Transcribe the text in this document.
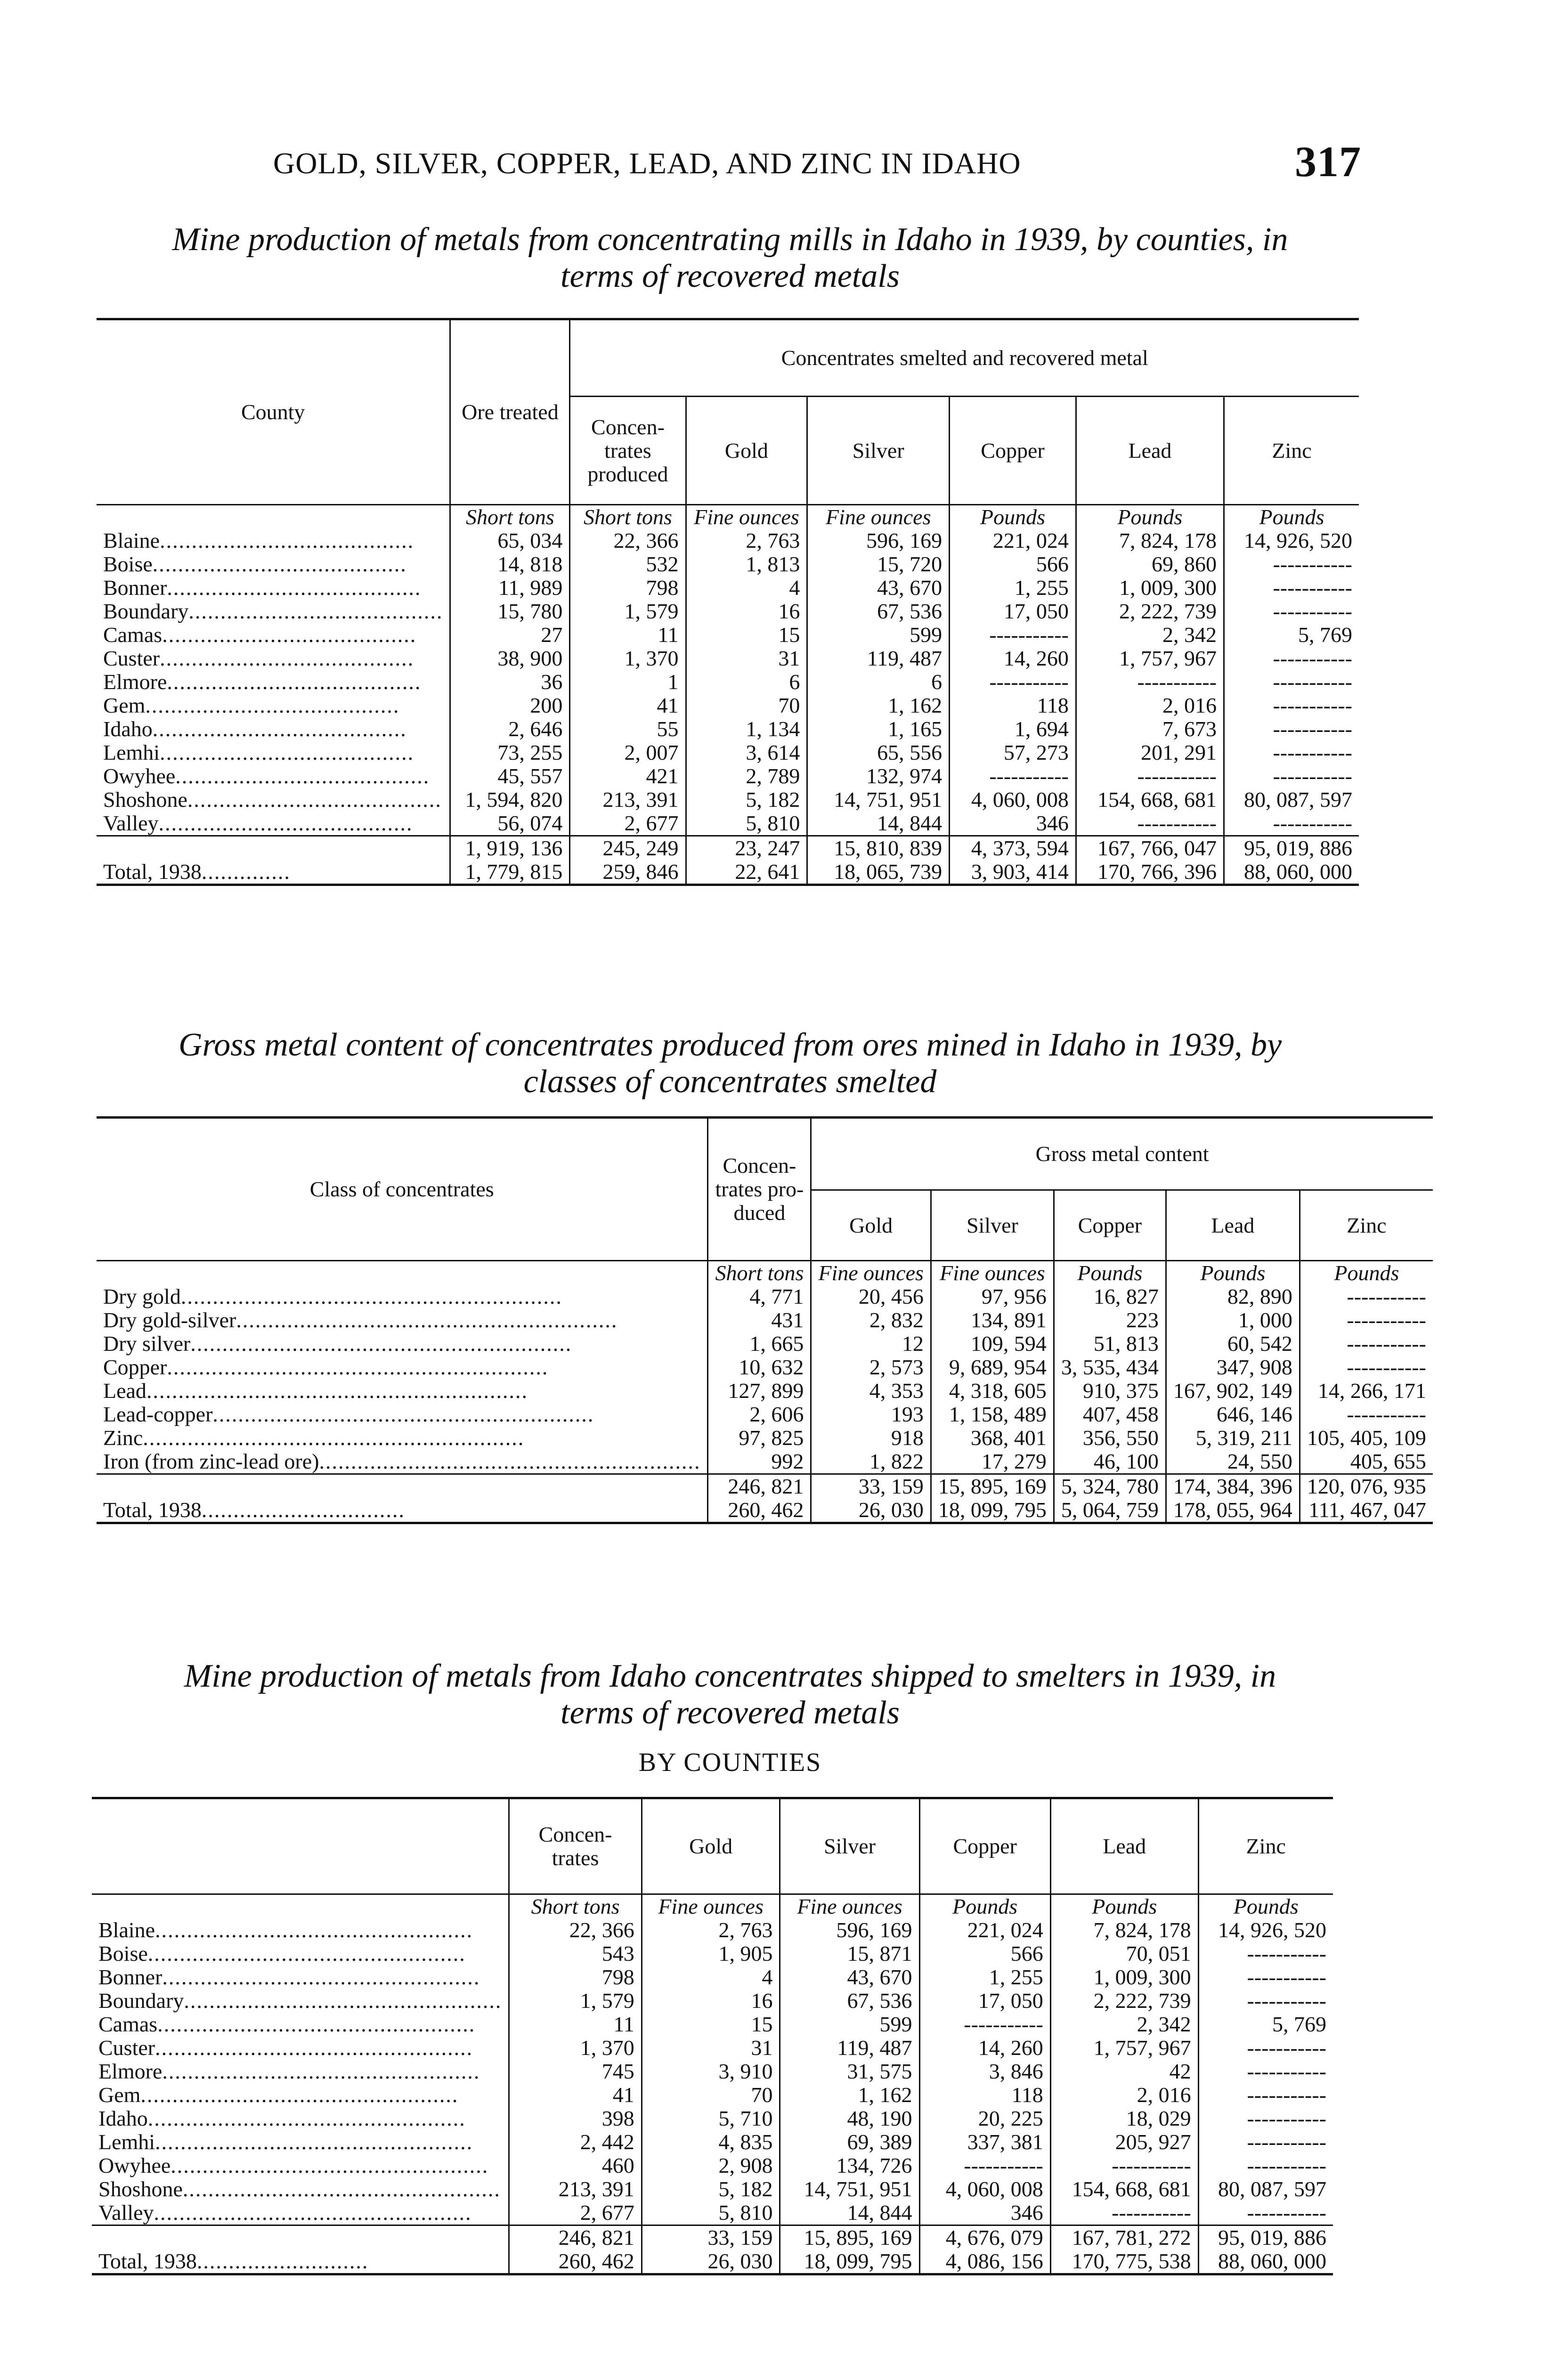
GOLD, SILVER, COPPER, LEAD, AND ZINC IN IDAHO	317
Mine production of metals from concentrating mills in Idaho in 1939, by counties, in
terms of recovered metals
County	Ore treated	Concentrates smelted and recovered metal					
		Concen- trates produced	Gold	Silver	Copper	Lead	Zinc
	Short tons	Short tons	Fine ounces	Fine ounces	Pounds	Pounds	Pounds
Blaine........................................	65, 034	22, 366	2, 763	596, 169	221, 024	7, 824, 178	14, 926, 520
Boise........................................	14, 818	532	1, 813	15, 720	566	69, 860	-----------
Bonner........................................	11, 989	798	4	43, 670	1, 255	1, 009, 300	-----------
Boundary........................................	15, 780	1, 579	16	67, 536	17, 050	2, 222, 739	-----------
Camas........................................	27	11	15	599	-----------	2, 342	5, 769
Custer........................................	38, 900	1, 370	31	119, 487	14, 260	1, 757, 967	-----------
Elmore........................................	36	1	6	6	-----------	-----------	-----------
Gem........................................	200	41	70	1, 162	118	2, 016	-----------
Idaho........................................	2, 646	55	1, 134	1, 165	1, 694	7, 673	-----------
Lemhi........................................	73, 255	2, 007	3, 614	65, 556	57, 273	201, 291	-----------
Owyhee........................................	45, 557	421	2, 789	132, 974	-----------	-----------	-----------
Shoshone........................................	1, 594, 820	213, 391	5, 182	14, 751, 951	4, 060, 008	154, 668, 681	80, 087, 597
Valley........................................	56, 074	2, 677	5, 810	14, 844	346	-----------	-----------
	1, 919, 136	245, 249	23, 247	15, 810, 839	4, 373, 594	167, 766, 047	95, 019, 886
Total, 1938..............	1, 779, 815	259, 846	22, 641	18, 065, 739	3, 903, 414	170, 766, 396	88, 060, 000
Gross metal content of concentrates produced from ores mined in Idaho in 1939, by
classes of concentrates smelted
Class of concentrates	Concen- trates pro- duced	Gross metal content				
		Gold	Silver	Copper	Lead	Zinc
	Short tons	Fine ounces	Fine ounces	Pounds	Pounds	Pounds
Dry gold............................................................	4, 771	20, 456	97, 956	16, 827	82, 890	-----------
Dry gold-silver............................................................	431	2, 832	134, 891	223	1, 000	-----------
Dry silver............................................................	1, 665	12	109, 594	51, 813	60, 542	-----------
Copper............................................................	10, 632	2, 573	9, 689, 954	3, 535, 434	347, 908	-----------
Lead............................................................	127, 899	4, 353	4, 318, 605	910, 375	167, 902, 149	14, 266, 171
Lead-copper............................................................	2, 606	193	1, 158, 489	407, 458	646, 146	-----------
Zinc............................................................	97, 825	918	368, 401	356, 550	5, 319, 211	105, 405, 109
Iron (from zinc-lead ore)............................................................	992	1, 822	17, 279	46, 100	24, 550	405, 655
	246, 821	33, 159	15, 895, 169	5, 324, 780	174, 384, 396	120, 076, 935
Total, 1938................................	260, 462	26, 030	18, 099, 795	5, 064, 759	178, 055, 964	111, 467, 047
Mine production of metals from Idaho concentrates shipped to smelters in 1939, in
terms of recovered metals
BY COUNTIES
	Concen- trates	Gold	Silver	Copper	Lead	Zinc
	Short tons	Fine ounces	Fine ounces	Pounds	Pounds	Pounds
Blaine..................................................	22, 366	2, 763	596, 169	221, 024	7, 824, 178	14, 926, 520
Boise..................................................	543	1, 905	15, 871	566	70, 051	-----------
Bonner..................................................	798	4	43, 670	1, 255	1, 009, 300	-----------
Boundary..................................................	1, 579	16	67, 536	17, 050	2, 222, 739	-----------
Camas..................................................	11	15	599	-----------	2, 342	5, 769
Custer..................................................	1, 370	31	119, 487	14, 260	1, 757, 967	-----------
Elmore..................................................	745	3, 910	31, 575	3, 846	42	-----------
Gem..................................................	41	70	1, 162	118	2, 016	-----------
Idaho..................................................	398	5, 710	48, 190	20, 225	18, 029	-----------
Lemhi..................................................	2, 442	4, 835	69, 389	337, 381	205, 927	-----------
Owyhee..................................................	460	2, 908	134, 726	-----------	-----------	-----------
Shoshone..................................................	213, 391	5, 182	14, 751, 951	4, 060, 008	154, 668, 681	80, 087, 597
Valley..................................................	2, 677	5, 810	14, 844	346	-----------	-----------
	246, 821	33, 159	15, 895, 169	4, 676, 079	167, 781, 272	95, 019, 886
Total, 1938...........................	260, 462	26, 030	18, 099, 795	4, 086, 156	170, 775, 538	88, 060, 000
